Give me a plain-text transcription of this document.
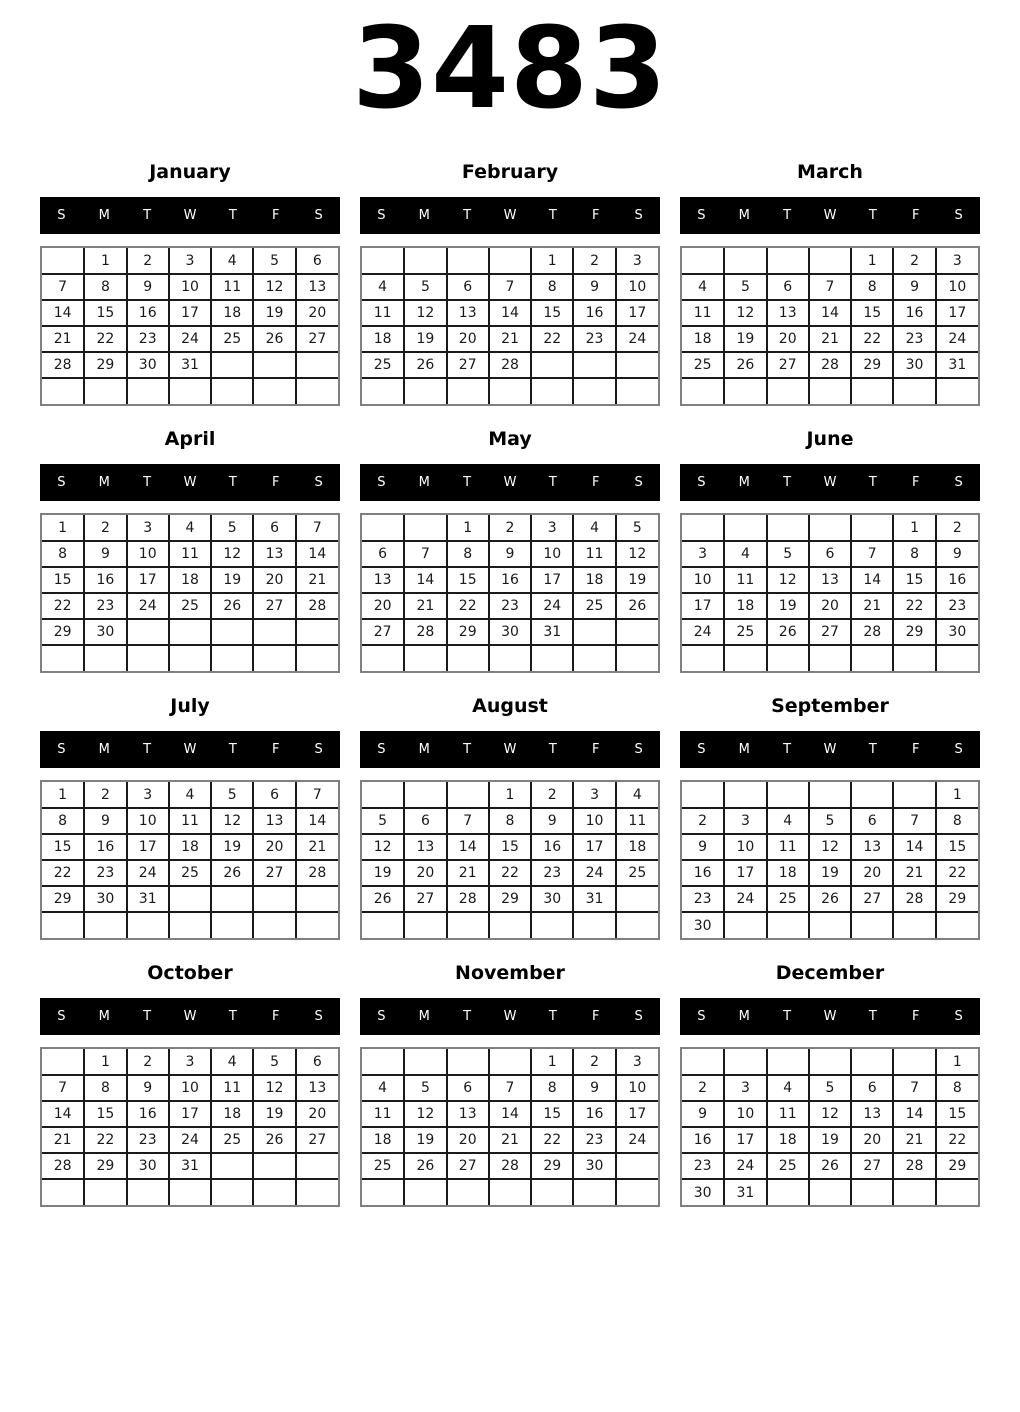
3483
January
S	M	T	W	T	F	S
	1	2	3	4	5	6
7	8	9	10	11	12	13
14	15	16	17	18	19	20
21	22	23	24	25	26	27
28	29	30	31			

February
S	M	T	W	T	F	S
				1	2	3
4	5	6	7	8	9	10
11	12	13	14	15	16	17
18	19	20	21	22	23	24
25	26	27	28			

March
S	M	T	W	T	F	S
				1	2	3
4	5	6	7	8	9	10
11	12	13	14	15	16	17
18	19	20	21	22	23	24
25	26	27	28	29	30	31

April
S	M	T	W	T	F	S
1	2	3	4	5	6	7
8	9	10	11	12	13	14
15	16	17	18	19	20	21
22	23	24	25	26	27	28
29	30					

May
S	M	T	W	T	F	S
		1	2	3	4	5
6	7	8	9	10	11	12
13	14	15	16	17	18	19
20	21	22	23	24	25	26
27	28	29	30	31		

June
S	M	T	W	T	F	S
					1	2
3	4	5	6	7	8	9
10	11	12	13	14	15	16
17	18	19	20	21	22	23
24	25	26	27	28	29	30

July
S	M	T	W	T	F	S
1	2	3	4	5	6	7
8	9	10	11	12	13	14
15	16	17	18	19	20	21
22	23	24	25	26	27	28
29	30	31				

August
S	M	T	W	T	F	S
			1	2	3	4
5	6	7	8	9	10	11
12	13	14	15	16	17	18
19	20	21	22	23	24	25
26	27	28	29	30	31	

September
S	M	T	W	T	F	S
						1
2	3	4	5	6	7	8
9	10	11	12	13	14	15
16	17	18	19	20	21	22
23	24	25	26	27	28	29
30						
October
S	M	T	W	T	F	S
	1	2	3	4	5	6
7	8	9	10	11	12	13
14	15	16	17	18	19	20
21	22	23	24	25	26	27
28	29	30	31			

November
S	M	T	W	T	F	S
				1	2	3
4	5	6	7	8	9	10
11	12	13	14	15	16	17
18	19	20	21	22	23	24
25	26	27	28	29	30	

December
S	M	T	W	T	F	S
						1
2	3	4	5	6	7	8
9	10	11	12	13	14	15
16	17	18	19	20	21	22
23	24	25	26	27	28	29
30	31					
